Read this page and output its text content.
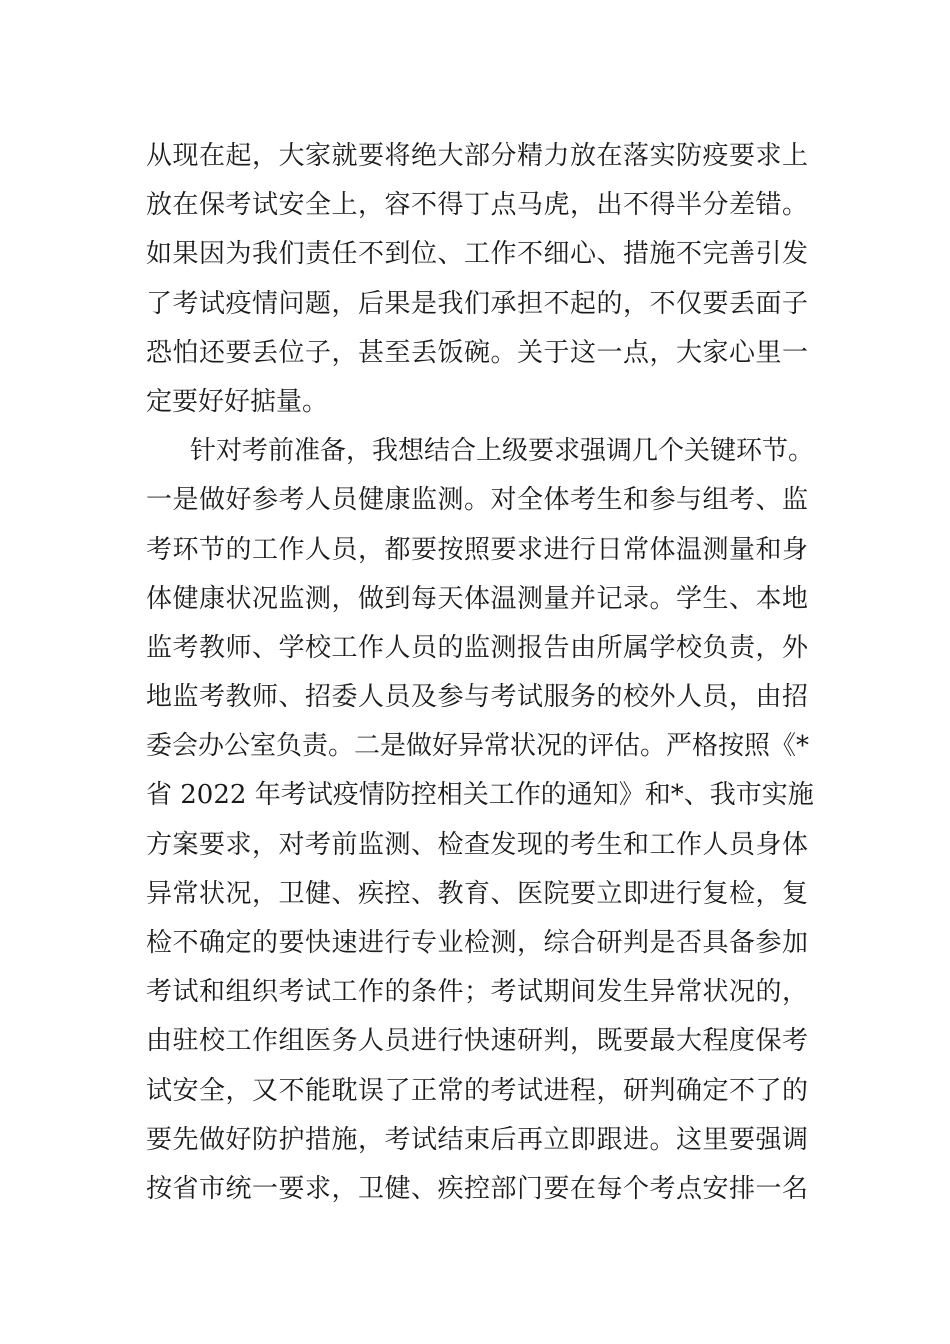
从现在起，大家就要将绝大部分精力放在落实防疫要求上
放在保考试安全上，容不得丁点马虎，出不得半分差错。
如果因为我们责任不到位、工作不细心、措施不完善引发
了考试疫情问题，后果是我们承担不起的，不仅要丢面子
恐怕还要丢位子，甚至丢饭碗。关于这一点，大家心里一
定要好好掂量。
针对考前准备，我想结合上级要求强调几个关键环节。
一是做好参考人员健康监测。对全体考生和参与组考、监
考环节的工作人员，都要按照要求进行日常体温测量和身
体健康状况监测，做到每天体温测量并记录。学生、本地
监考教师、学校工作人员的监测报告由所属学校负责，外
地监考教师、招委人员及参与考试服务的校外人员，由招
委会办公室负责。二是做好异常状况的评估。严格按照《*
省 2022 年考试疫情防控相关工作的通知》和*、我市实施
方案要求，对考前监测、检查发现的考生和工作人员身体
异常状况，卫健、疾控、教育、医院要立即进行复检，复
检不确定的要快速进行专业检测，综合研判是否具备参加
考试和组织考试工作的条件；考试期间发生异常状况的，
由驻校工作组医务人员进行快速研判，既要最大程度保考
试安全，又不能耽误了正常的考试进程，研判确定不了的
要先做好防护措施，考试结束后再立即跟进。这里要强调
按省市统一要求，卫健、疾控部门要在每个考点安排一名
